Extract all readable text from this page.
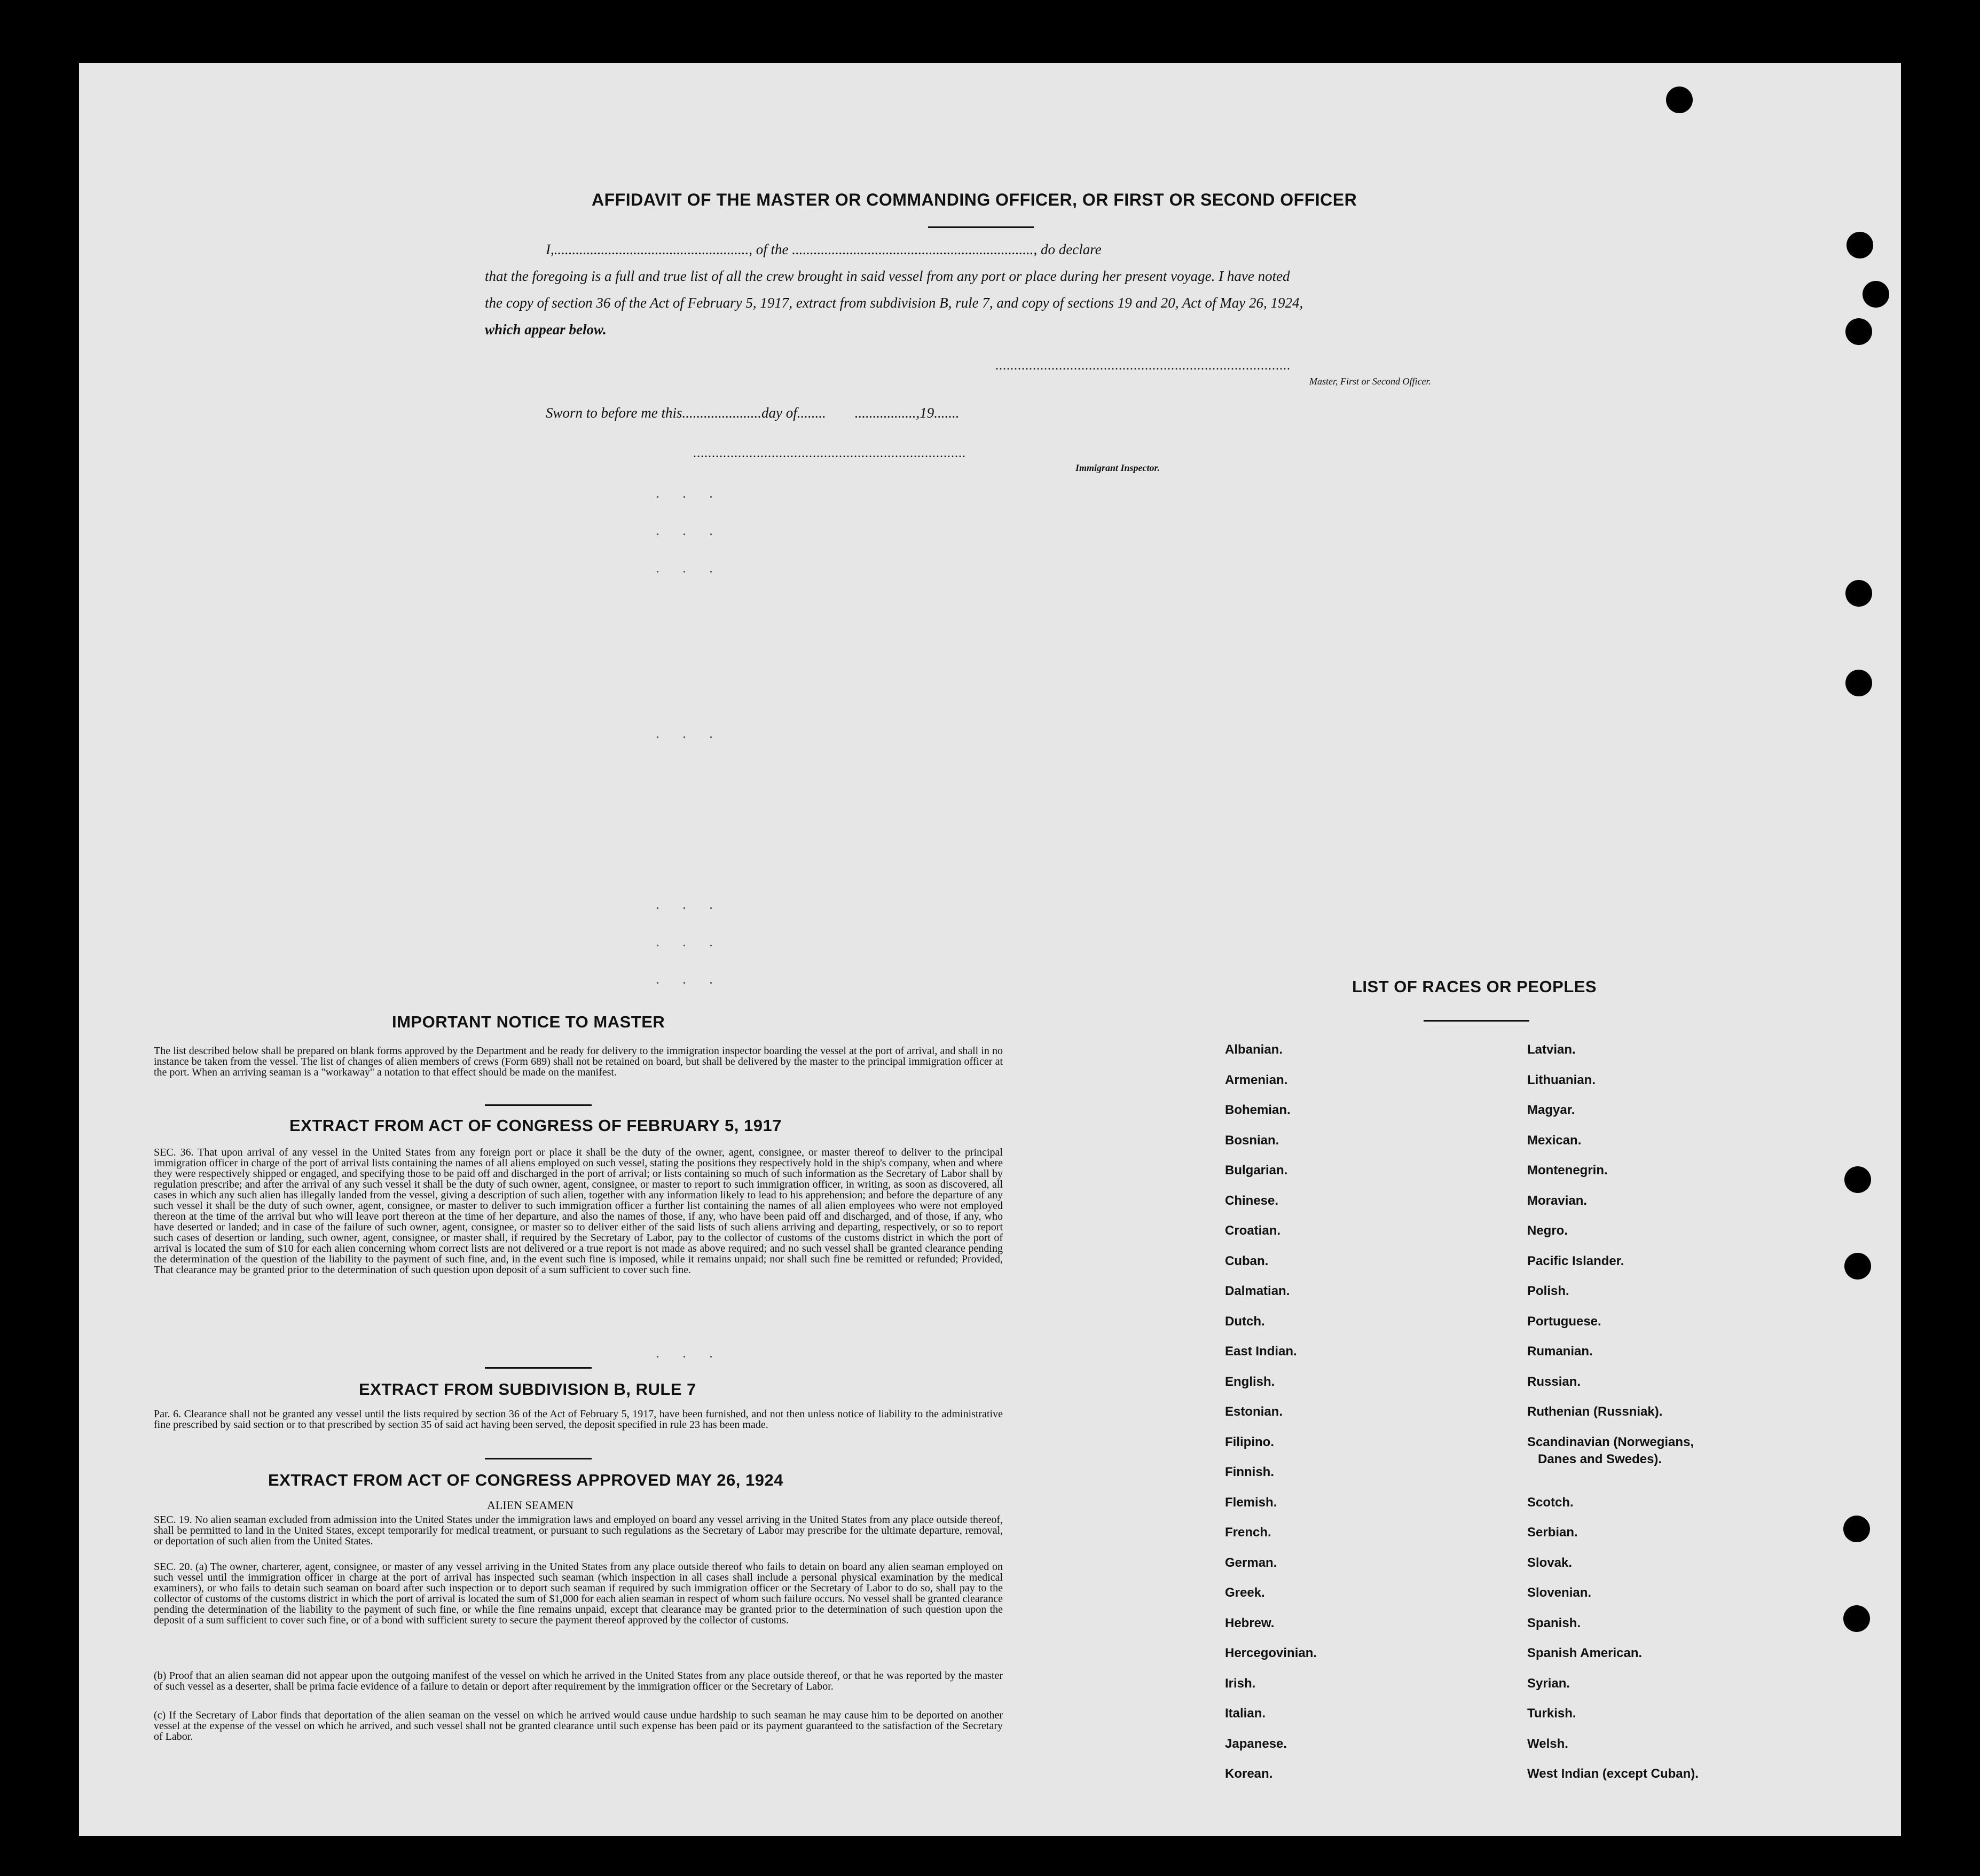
AFFIDAVIT OF THE MASTER OR COMMANDING OFFICER, OR FIRST OR SECOND OFFICER
I,......................................................, of the ..................................................................., do declare
that the foregoing is a full and true list of all the crew brought in said vessel from any port or place during her present voyage. I have noted
the copy of section 36 of the Act of February 5, 1917, extract from subdivision B, rule 7, and copy of sections 19 and 20, Act of May 26, 1924,
which appear below.
...............................................................................
Master, First or Second Officer.
Sworn to before me this......................day of........        .................,19.......
.........................................................................
Immigrant Inspector.
. . .
. . .
. . .
. . .
. . .
. . .
. . .
. . .
IMPORTANT NOTICE TO MASTER
The list described below shall be prepared on blank forms approved by the Department and be ready for delivery to the immigration inspector boarding the vessel at the port of arrival, and shall in no instance be taken from the vessel. The list of changes of alien members of crews (Form 689) shall not be retained on board, but shall be delivered by the master to the principal immigration officer at the port. When an arriving seaman is a "workaway" a notation to that effect should be made on the manifest.
EXTRACT FROM ACT OF CONGRESS OF FEBRUARY 5, 1917
SEC. 36. That upon arrival of any vessel in the United States from any foreign port or place it shall be the duty of the owner, agent, consignee, or master thereof to deliver to the principal immigration officer in charge of the port of arrival lists containing the names of all aliens employed on such vessel, stating the positions they respectively hold in the ship's company, when and where they were respectively shipped or engaged, and specifying those to be paid off and discharged in the port of arrival; or lists containing so much of such information as the Secretary of Labor shall by regulation prescribe; and after the arrival of any such vessel it shall be the duty of such owner, agent, consignee, or master to report to such immigration officer, in writing, as soon as discovered, all cases in which any such alien has illegally landed from the vessel, giving a description of such alien, together with any information likely to lead to his apprehension; and before the departure of any such vessel it shall be the duty of such owner, agent, consignee, or master to deliver to such immigration officer a further list containing the names of all alien employees who were not employed thereon at the time of the arrival but who will leave port thereon at the time of her departure, and also the names of those, if any, who have been paid off and discharged, and of those, if any, who have deserted or landed; and in case of the failure of such owner, agent, consignee, or master so to deliver either of the said lists of such aliens arriving and departing, respectively, or so to report such cases of desertion or landing, such owner, agent, consignee, or master shall, if required by the Secretary of Labor, pay to the collector of customs of the customs district in which the port of arrival is located the sum of $10 for each alien concerning whom correct lists are not delivered or a true report is not made as above required; and no such vessel shall be granted clearance pending the determination of the question of the liability to the payment of such fine, and, in the event such fine is imposed, while it remains unpaid; nor shall such fine be remitted or refunded; Provided, That clearance may be granted prior to the determination of such question upon deposit of a sum sufficient to cover such fine.
EXTRACT FROM SUBDIVISION B, RULE 7
Par. 6. Clearance shall not be granted any vessel until the lists required by section 36 of the Act of February 5, 1917, have been furnished, and not then unless notice of liability to the administrative fine prescribed by said section or to that prescribed by section 35 of said act having been served, the deposit specified in rule 23 has been made.
EXTRACT FROM ACT OF CONGRESS APPROVED MAY 26, 1924
ALIEN SEAMEN
SEC. 19. No alien seaman excluded from admission into the United States under the immigration laws and employed on board any vessel arriving in the United States from any place outside thereof, shall be permitted to land in the United States, except temporarily for medical treatment, or pursuant to such regulations as the Secretary of Labor may prescribe for the ultimate departure, removal, or deportation of such alien from the United States.
SEC. 20. (a) The owner, charterer, agent, consignee, or master of any vessel arriving in the United States from any place outside thereof who fails to detain on board any alien seaman employed on such vessel until the immigration officer in charge at the port of arrival has inspected such seaman (which inspection in all cases shall include a personal physical examination by the medical examiners), or who fails to detain such seaman on board after such inspection or to deport such seaman if required by such immigration officer or the Secretary of Labor to do so, shall pay to the collector of customs of the customs district in which the port of arrival is located the sum of $1,000 for each alien seaman in respect of whom such failure occurs. No vessel shall be granted clearance pending the determination of the liability to the payment of such fine, or while the fine remains unpaid, except that clearance may be granted prior to the determination of such question upon the deposit of a sum sufficient to cover such fine, or of a bond with sufficient surety to secure the payment thereof approved by the collector of customs.
(b) Proof that an alien seaman did not appear upon the outgoing manifest of the vessel on which he arrived in the United States from any place outside thereof, or that he was reported by the master of such vessel as a deserter, shall be prima facie evidence of a failure to detain or deport after requirement by the immigration officer or the Secretary of Labor.
(c) If the Secretary of Labor finds that deportation of the alien seaman on the vessel on which he arrived would cause undue hardship to such seaman he may cause him to be deported on another vessel at the expense of the vessel on which he arrived, and such vessel shall not be granted clearance until such expense has been paid or its payment guaranteed to the satisfaction of the Secretary of Labor.
LIST OF RACES OR PEOPLES
Albanian.
Armenian.
Bohemian.
Bosnian.
Bulgarian.
Chinese.
Croatian.
Cuban.
Dalmatian.
Dutch.
East Indian.
English.
Estonian.
Filipino.
Finnish.
Flemish.
French.
German.
Greek.
Hebrew.
Hercegovinian.
Irish.
Italian.
Japanese.
Korean.
Latvian.
Lithuanian.
Magyar.
Mexican.
Montenegrin.
Moravian.
Negro.
Pacific Islander.
Polish.
Portuguese.
Rumanian.
Russian.
Ruthenian (Russniak).
Scandinavian (Norwegians,
Danes and Swedes).
Scotch.
Serbian.
Slovak.
Slovenian.
Spanish.
Spanish American.
Syrian.
Turkish.
Welsh.
West Indian (except Cuban).
